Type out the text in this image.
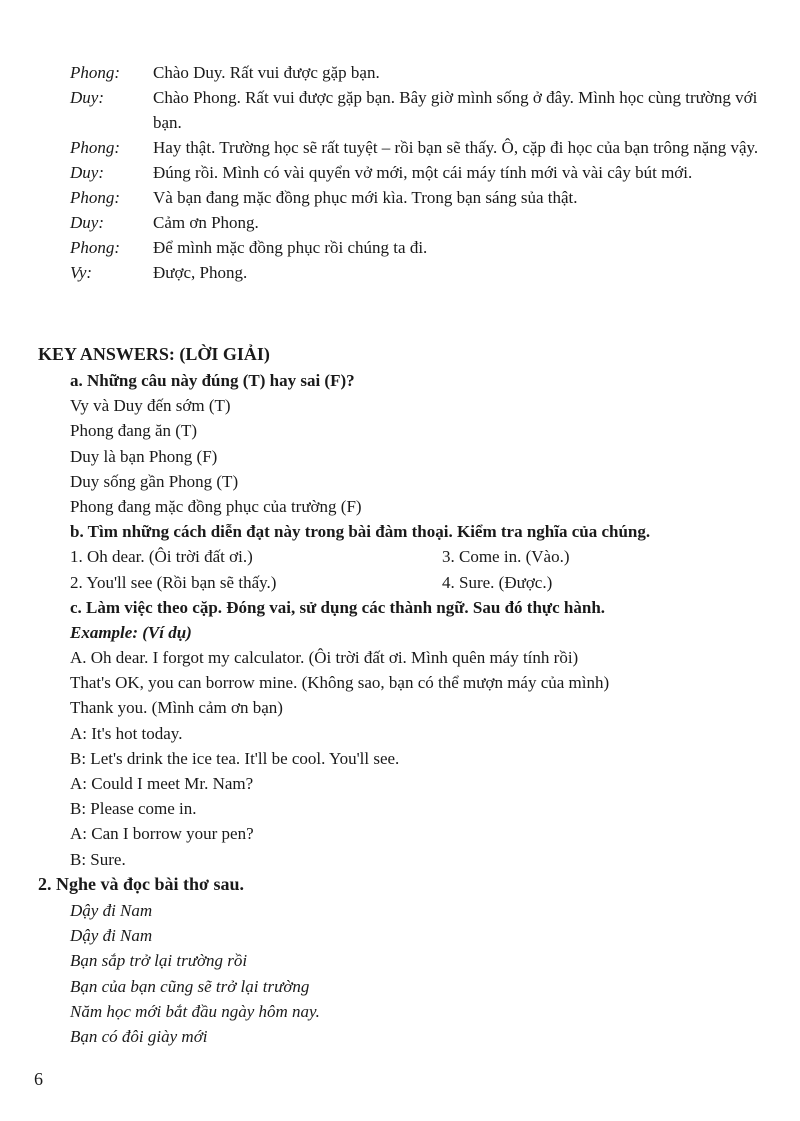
Phong:	Chào Duy. Rất vui được gặp bạn.
Duy:	Chào Phong. Rất vui được gặp bạn. Bây giờ mình sống ở đây. Mình học cùng trường với bạn.
Phong:	Hay thật. Trường học sẽ rất tuyệt – rồi bạn sẽ thấy. Ô, cặp đi học của bạn trông nặng vậy.
Duy:	Đúng rồi. Mình có vài quyển vở mới, một cái máy tính mới và vài cây bút mới.
Phong:	Và bạn đang mặc đồng phục mới kìa. Trong bạn sáng sủa thật.
Duy:	Cảm ơn Phong.
Phong:	Để mình mặc đồng phục rồi chúng ta đi.
Vy:	Được, Phong.
KEY ANSWERS: (LỜI GIẢI)
a. Những câu này đúng (T) hay sai (F)?
Vy và Duy đến sớm (T)
Phong đang ăn (T)
Duy là bạn Phong (F)
Duy sống gần Phong (T)
Phong đang mặc đồng phục của trường (F)
b. Tìm những cách diễn đạt này trong bài đàm thoại. Kiểm tra nghĩa của chúng.
1. Oh dear. (Ôi trời đất ơi.)	3. Come in. (Vào.)
2. You'll see (Rồi bạn sẽ thấy.)	4. Sure. (Được.)
c. Làm việc theo cặp. Đóng vai, sử dụng các thành ngữ. Sau đó thực hành.
Example: (Ví dụ)
A. Oh dear. I forgot my calculator. (Ôi trời đất ơi. Mình quên máy tính rồi)
That's OK, you can borrow mine. (Không sao, bạn có thể mượn máy của mình)
Thank you. (Mình cảm ơn bạn)
A: It's hot today.
B: Let's drink the ice tea. It'll be cool. You'll see.
A: Could I meet Mr. Nam?
B: Please come in.
A: Can I borrow your pen?
B: Sure.
2. Nghe và đọc bài thơ sau.
Dậy đi Nam
Dậy đi Nam
Bạn sắp trở lại trường rồi
Bạn của bạn cũng sẽ trở lại trường
Năm học mới bắt đầu ngày hôm nay.
Bạn có đôi giày mới
6
